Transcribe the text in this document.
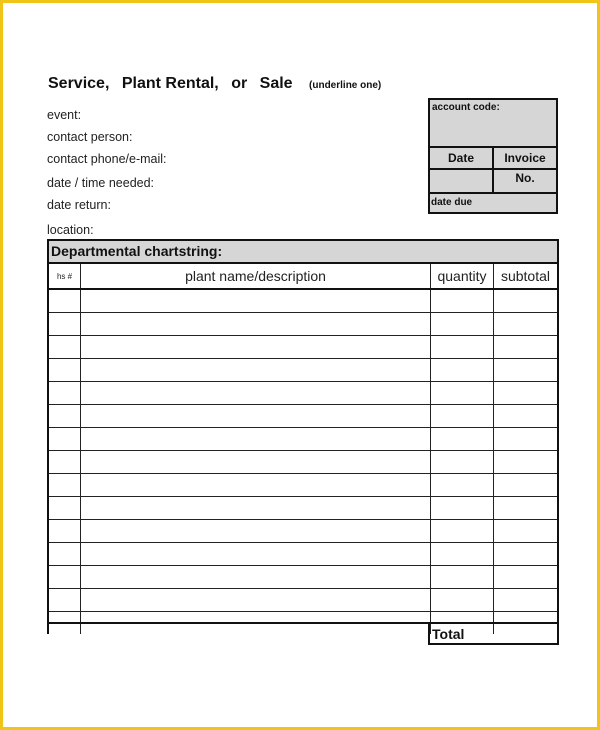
Service, Plant Rental, or Sale (underline one)
event:
contact person:
contact phone/e-mail:
date / time needed:
date return:
location:
account code:
Date	Invoice No.
date due
Departmental chartstring:
hs #	plant name/description	quantity	subtotal
Total
